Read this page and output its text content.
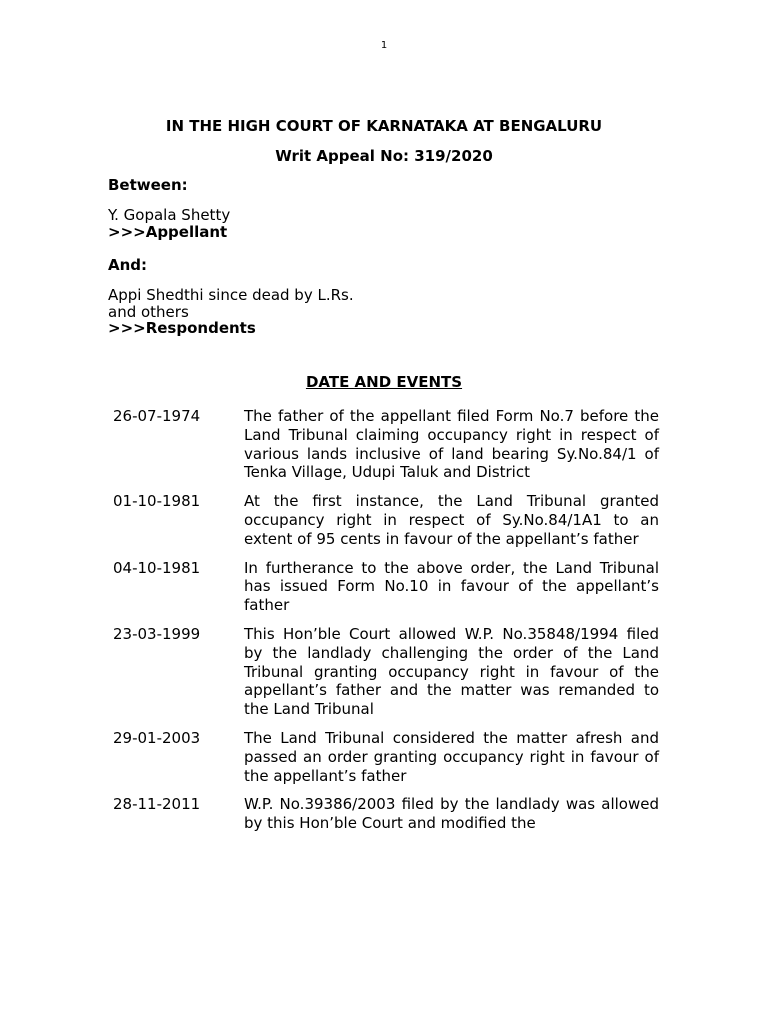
1
IN THE HIGH COURT OF KARNATAKA AT BENGALURU
Writ Appeal No: 319/2020
Between:
Y. Gopala Shetty
>>>Appellant
And:
Appi Shedthi since dead by L.Rs.
and others
>>>Respondents
DATE AND EVENTS
26-07-1974	The father of the appellant filed Form No.7 before the Land Tribunal claiming occupancy right in respect of various lands inclusive of land bearing Sy.No.84/1 of Tenka Village, Udupi Taluk and District
01-10-1981	At the first instance, the Land Tribunal granted occupancy right in respect of Sy.No.84/1A1 to an extent of 95 cents in favour of the appellant’s father
04-10-1981	In furtherance to the above order, the Land Tribunal has issued Form No.10 in favour of the appellant’s father
23-03-1999	This Hon’ble Court allowed W.P. No.35848/1994 filed by the landlady challenging the order of the Land Tribunal granting occupancy right in favour of the appellant’s father and the matter was remanded to the Land Tribunal
29-01-2003	The Land Tribunal considered the matter afresh and passed an order granting occupancy right in favour of the appellant’s father
28-11-2011	W.P. No.39386/2003 filed by the landlady was allowed by this Hon’ble Court and modified the
